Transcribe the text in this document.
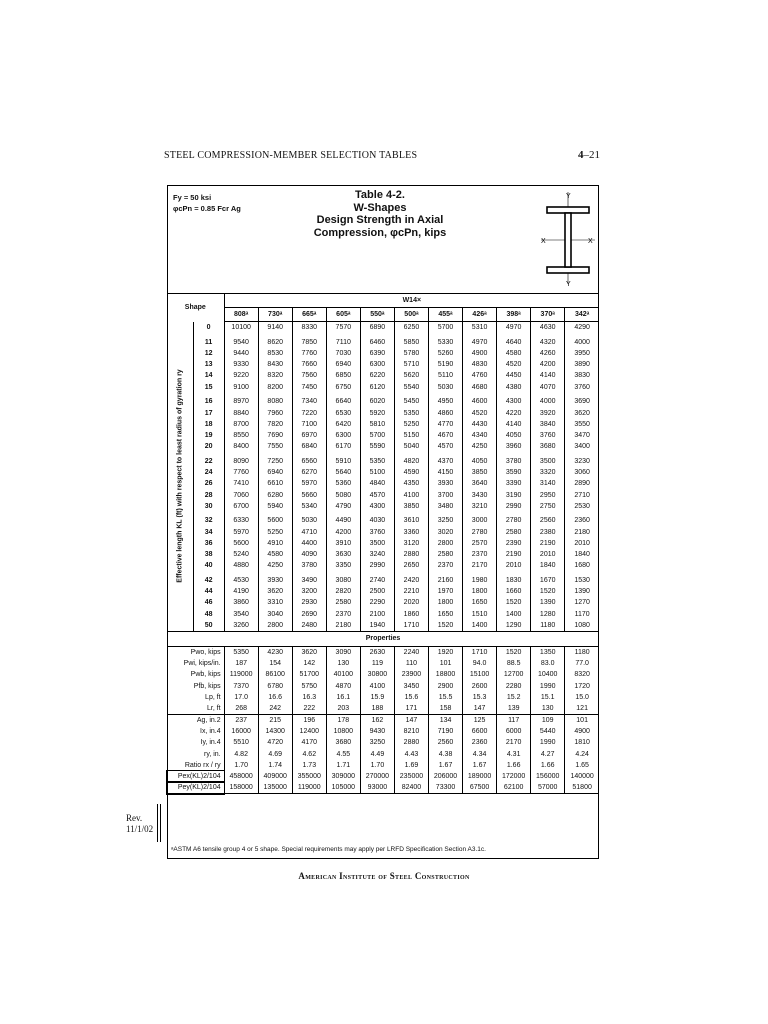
STEEL COMPRESSION-MEMBER SELECTION TABLES	4–21
Fy = 50 ksi
φcPn = 0.85 Fcr Ag
Table 4-2.
W-Shapes
Design Strength in Axial
Compression, φcPn, kips
Y
Y
X	X
Shape		W14×										
		808ᵃ	730ᵃ	665ᵃ	605ᵃ	550ᵃ	500ᵃ	455ᵃ	426ᵃ	398ᵃ	370ᵃ	342ᵃ

Effective length KL (ft) with respect to least radius of gyration ry	0	10100	9140	8330	7570	6890	6250	5700	5310	4970	4630	4290

	11	9540	8620	7850	7110	6460	5850	5330	4970	4640	4320	4000
	12	9440	8530	7760	7030	6390	5780	5260	4900	4580	4260	3950
	13	9330	8430	7660	6940	6300	5710	5190	4830	4520	4200	3890
	14	9220	8320	7560	6850	6220	5620	5110	4760	4450	4140	3830
	15	9100	8200	7450	6750	6120	5540	5030	4680	4380	4070	3760

	16	8970	8080	7340	6640	6020	5450	4950	4600	4300	4000	3690
	17	8840	7960	7220	6530	5920	5350	4860	4520	4220	3920	3620
	18	8700	7820	7100	6420	5810	5250	4770	4430	4140	3840	3550
	19	8550	7690	6970	6300	5700	5150	4670	4340	4050	3760	3470
	20	8400	7550	6840	6170	5590	5040	4570	4250	3960	3680	3400

	22	8090	7250	6560	5910	5350	4820	4370	4050	3780	3500	3230
	24	7760	6940	6270	5640	5100	4590	4150	3850	3590	3320	3060
	26	7410	6610	5970	5360	4840	4350	3930	3640	3390	3140	2890
	28	7060	6280	5660	5080	4570	4100	3700	3430	3190	2950	2710
	30	6700	5940	5340	4790	4300	3850	3480	3210	2990	2750	2530

	32	6330	5600	5030	4490	4030	3610	3250	3000	2780	2560	2360
	34	5970	5250	4710	4200	3760	3360	3020	2780	2580	2380	2180
	36	5600	4910	4400	3910	3500	3120	2800	2570	2390	2190	2010
	38	5240	4580	4090	3630	3240	2880	2580	2370	2190	2010	1840
	40	4880	4250	3780	3350	2990	2650	2370	2170	2010	1840	1680

	42	4530	3930	3490	3080	2740	2420	2160	1980	1830	1670	1530
	44	4190	3620	3200	2820	2500	2210	1970	1800	1660	1520	1390
	46	3860	3310	2930	2580	2290	2020	1800	1650	1520	1390	1270
	48	3540	3040	2690	2370	2100	1860	1650	1510	1400	1280	1170
	50	3260	2800	2480	2180	1940	1710	1520	1400	1290	1180	1080
Properties												
Pwo, kips		5350	4230	3620	3090	2630	2240	1920	1710	1520	1350	1180
Pwi, kips/in.		187	154	142	130	119	110	101	94.0	88.5	83.0	77.0
Pwb, kips		119000	86100	51700	40100	30800	23900	18800	15100	12700	10400	8320
Pfb, kips		7370	6780	5750	4870	4100	3450	2900	2600	2280	1990	1720
Lp, ft		17.0	16.6	16.3	16.1	15.9	15.6	15.5	15.3	15.2	15.1	15.0
Lr, ft		268	242	222	203	188	171	158	147	139	130	121
Ag, in.2		237	215	196	178	162	147	134	125	117	109	101
Ix, in.4		16000	14300	12400	10800	9430	8210	7190	6600	6000	5440	4900
Iy, in.4		5510	4720	4170	3680	3250	2880	2560	2360	2170	1990	1810
ry, in.		4.82	4.69	4.62	4.55	4.49	4.43	4.38	4.34	4.31	4.27	4.24
Ratio rx / ry		1.70	1.74	1.73	1.71	1.70	1.69	1.67	1.67	1.66	1.66	1.65
Pex(KL)2/104		458000	409000	355000	309000	270000	235000	206000	189000	172000	156000	140000
Pey(KL)2/104		158000	135000	119000	105000	93000	82400	73300	67500	62100	57000	51800
ᵃASTM A6 tensile group 4 or 5 shape. Special requirements may apply per LRFD Specification Section A3.1c.
American Institute of Steel Construction
Rev.
11/1/02
